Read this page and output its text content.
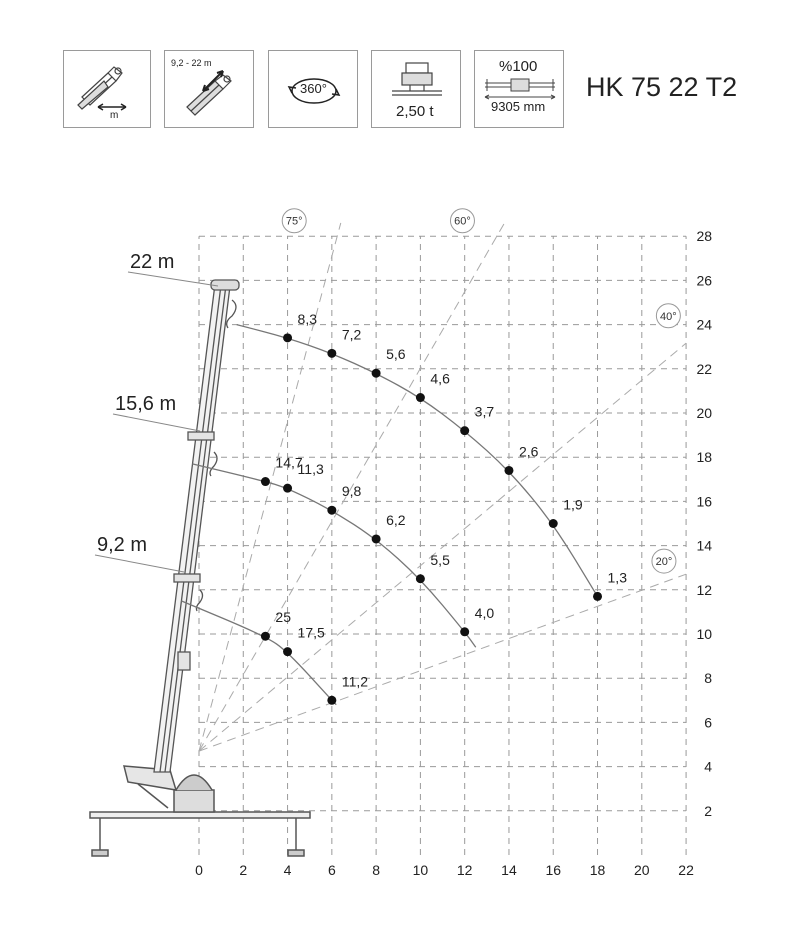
m
9,2 - 22 m
360°
2,50 t
%100
9305 mm
HK 75 22 T2
75°	60°
40°
20°
22 m
15,6 m
9,2 m
8,3
7,2
5,6
4,6
3,7
2,6
1,9
1,3
14,7
11,3
9,8
6,2
5,5
4,0
25
17,5
11,2
0	2	4	6	8 10 12 14 16 18 20 22
2
4
6
8
10
12
14
16
18
20
22
24
26
28
